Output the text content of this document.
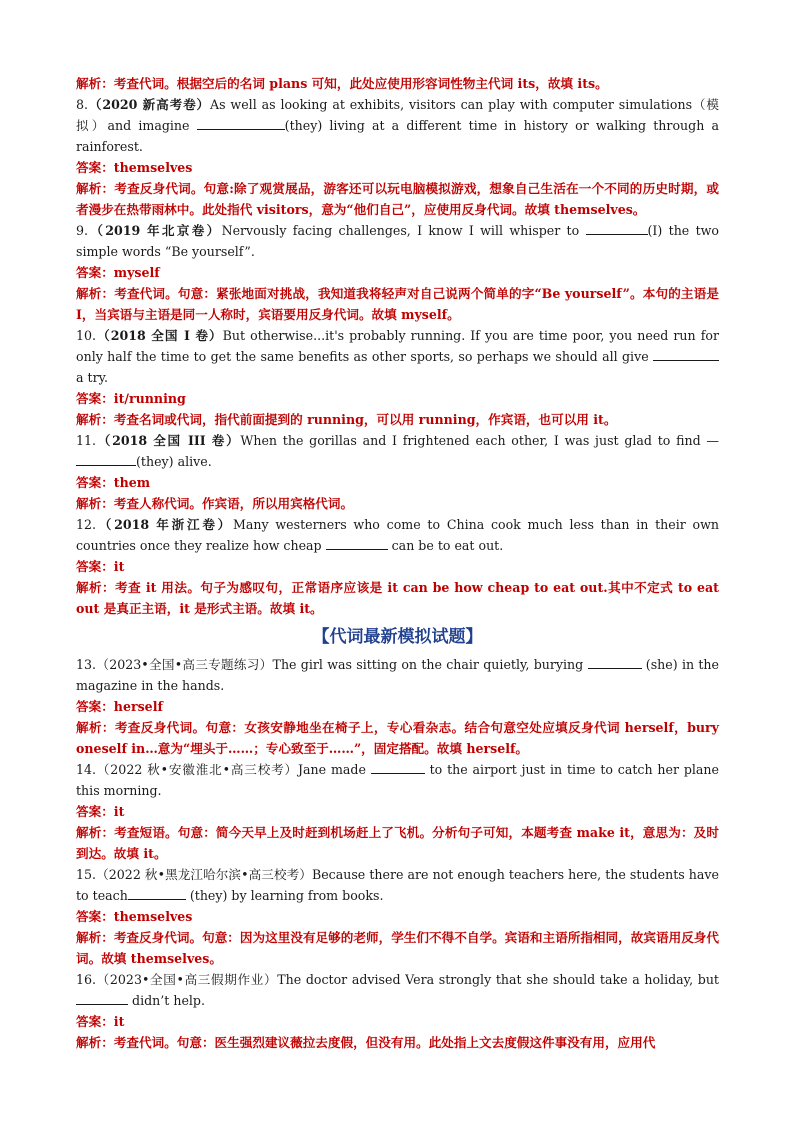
解析：考查代词。根据空后的名词 plans 可知，此处应使用形容词性物主代词 its，故填 its。

8.（2020 新高考卷）As well as looking at exhibits, visitors can play with computer simulations（模拟）and imagine	(they) living at a different time in history or walking through a rainforest.

答案：themselves

解析：考查反身代词。句意:除了观赏展品，游客还可以玩电脑模拟游戏，想象自己生活在一个不同的历史时期，或者漫步在热带雨林中。此处指代 visitors，意为“他们自己”，应使用反身代词。故填 themselves。

9.（2019 年北京卷）Nervously facing challenges, I know I will whisper to	(I) the two simple words “Be yourself”.

答案：myself

解析：考查代词。句意：紧张地面对挑战，我知道我将轻声对自己说两个简单的字“Be yourself”。本句的主语是 I，当宾语与主语是同一人称时，宾语要用反身代词。故填 myself。

10.（2018 全国 I 卷）But otherwise...it's probably running. If you are time poor, you need run for only half the time to get the same benefits as other sports, so perhaps we should all give a try.

答案：it/running

解析：考查名词或代词，指代前面提到的 running，可以用 running，作宾语，也可以用 it。

11.（2018 全国 III 卷）When the gorillas and I frightened each other, I was just glad to find —(they) alive.

答案：them

解析：考查人称代词。作宾语，所以用宾格代词。

12.（2018 年浙江卷）Many westerners who come to China cook much less than in their own countries once they realize how cheap	can be to eat out.

答案：it

解析：考查 it 用法。句子为感叹句，正常语序应该是 it can be how cheap to eat out.其中不定式 to eat out 是真正主语，it 是形式主语。故填 it。

【代词最新模拟试题】

13.（2023•全国•高三专题练习）The girl was sitting on the chair quietly, burying	(she) in the magazine in the hands.

答案：herself

解析：考查反身代词。句意：女孩安静地坐在椅子上，专心看杂志。结合句意空处应填反身代词 herself，bury oneself in…意为“埋头于……；专心致至于……”，固定搭配。故填 herself。

14.（2022 秋•安徽淮北•高三校考）Jane made	to the airport just in time to catch her plane this morning.

答案：it

解析：考查短语。句意：简今天早上及时赶到机场赶上了飞机。分析句子可知，本题考查 make it，意思为：及时到达。故填 it。

15.（2022 秋•黑龙江哈尔滨•高三校考）Because there are not enough teachers here, the students have to teach	(they) by learning from books.

答案：themselves

解析：考查反身代词。句意：因为这里没有足够的老师，学生们不得不自学。宾语和主语所指相同，故宾语用反身代词。故填 themselves。

16.（2023•全国•高三假期作业）The doctor advised Vera strongly that she should take a holiday, but  didn’t help.

答案：it

解析：考查代词。句意：医生强烈建议薇拉去度假，但没有用。此处指上文去度假这件事没有用，应用代
